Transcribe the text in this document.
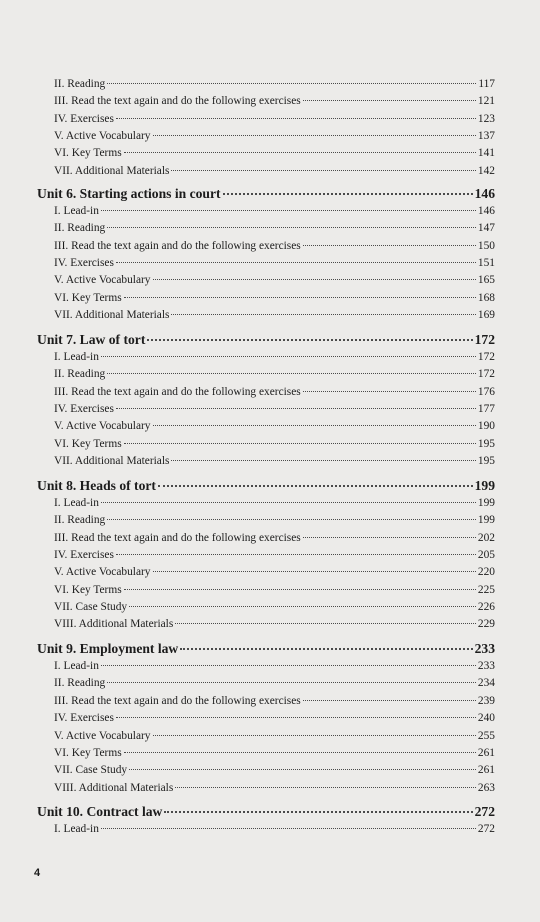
II. Reading	117
III. Read the text again and do the following exercises	121
IV. Exercises	123
V. Active Vocabulary	137
VI. Key Terms	141
VII. Additional Materials	142
Unit 6. Starting actions in court	146
I. Lead-in	146
II. Reading	147
III. Read the text again and do the following exercises	150
IV. Exercises	151
V. Active Vocabulary	165
VI. Key Terms	168
VII. Additional Materials	169
Unit 7. Law of tort	172
I. Lead-in	172
II. Reading	172
III. Read the text again and do the following exercises	176
IV. Exercises	177
V. Active Vocabulary	190
VI. Key Terms	195
VII. Additional Materials	195
Unit 8. Heads of tort	199
I. Lead-in	199
II. Reading	199
III. Read the text again and do the following exercises	202
IV. Exercises	205
V. Active Vocabulary	220
VI. Key Terms	225
VII. Case Study	226
VIII. Additional Materials	229
Unit 9. Employment law	233
I. Lead-in	233
II. Reading	234
III. Read the text again and do the following exercises	239
IV. Exercises	240
V. Active Vocabulary	255
VI. Key Terms	261
VII. Case Study	261
VIII. Additional Materials	263
Unit 10. Contract law	272
I. Lead-in	272
4
